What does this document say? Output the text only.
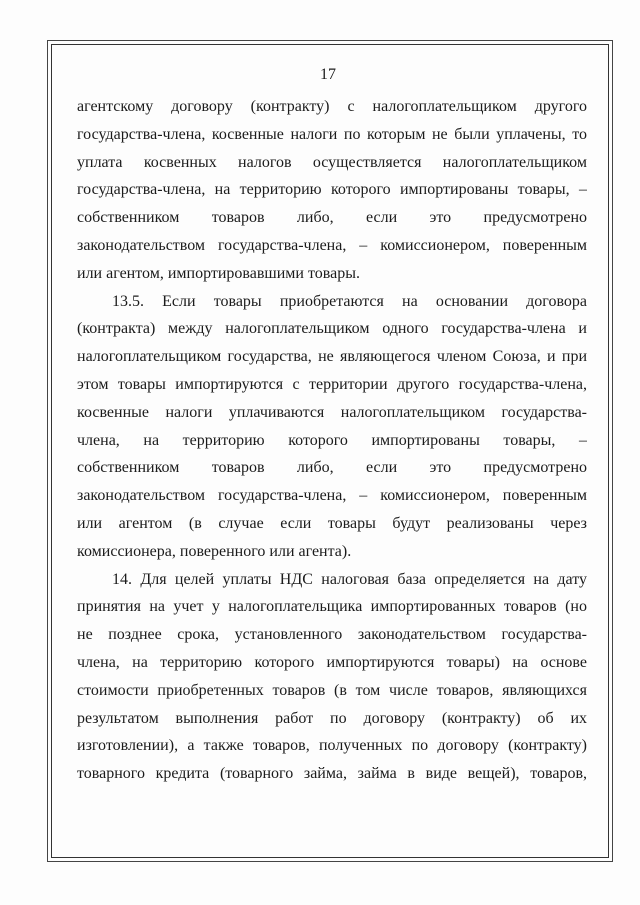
17
агентскому договору (контракту) с налогоплательщиком другого
государства-члена, косвенные налоги по которым не были уплачены, то
уплата косвенных налогов осуществляется налогоплательщиком
государства-члена, на территорию которого импортированы товары, –
собственником товаров либо, если это предусмотрено
законодательством государства-члена, – комиссионером, поверенным
или агентом, импортировавшими товары.
13.5. Если товары приобретаются на основании договора
(контракта) между налогоплательщиком одного государства-члена и
налогоплательщиком государства, не являющегося членом Союза, и при
этом товары импортируются с территории другого государства-члена,
косвенные налоги уплачиваются налогоплательщиком государства-
члена, на территорию которого импортированы товары, –
собственником товаров либо, если это предусмотрено
законодательством государства-члена, – комиссионером, поверенным
или агентом (в случае если товары будут реализованы через
комиссионера, поверенного или агента).
14. Для целей уплаты НДС налоговая база определяется на дату
принятия на учет у налогоплательщика импортированных товаров (но
не позднее срока, установленного законодательством государства-
члена, на территорию которого импортируются товары) на основе
стоимости приобретенных товаров (в том числе товаров, являющихся
результатом выполнения работ по договору (контракту) об их
изготовлении), а также товаров, полученных по договору (контракту)
товарного кредита (товарного займа, займа в виде вещей), товаров,
